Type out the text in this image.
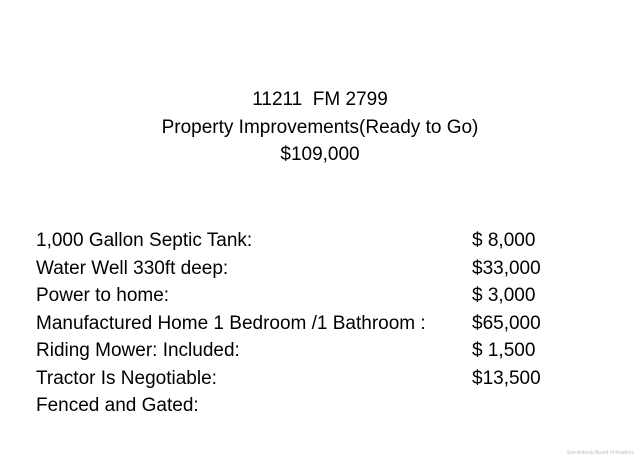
11211  FM 2799
Property Improvements(Ready to Go)
$109,000
1,000 Gallon Septic Tank:	$ 8,000
Water Well 330ft deep:	$33,000
Power to home:	$ 3,000
Manufactured Home 1 Bedroom /1 Bathroom : $65,000
Riding Mower: Included:	$ 1,500
Tractor Is Negotiable:	$13,500
Fenced and Gated:
San Antonio Board of Realtors
